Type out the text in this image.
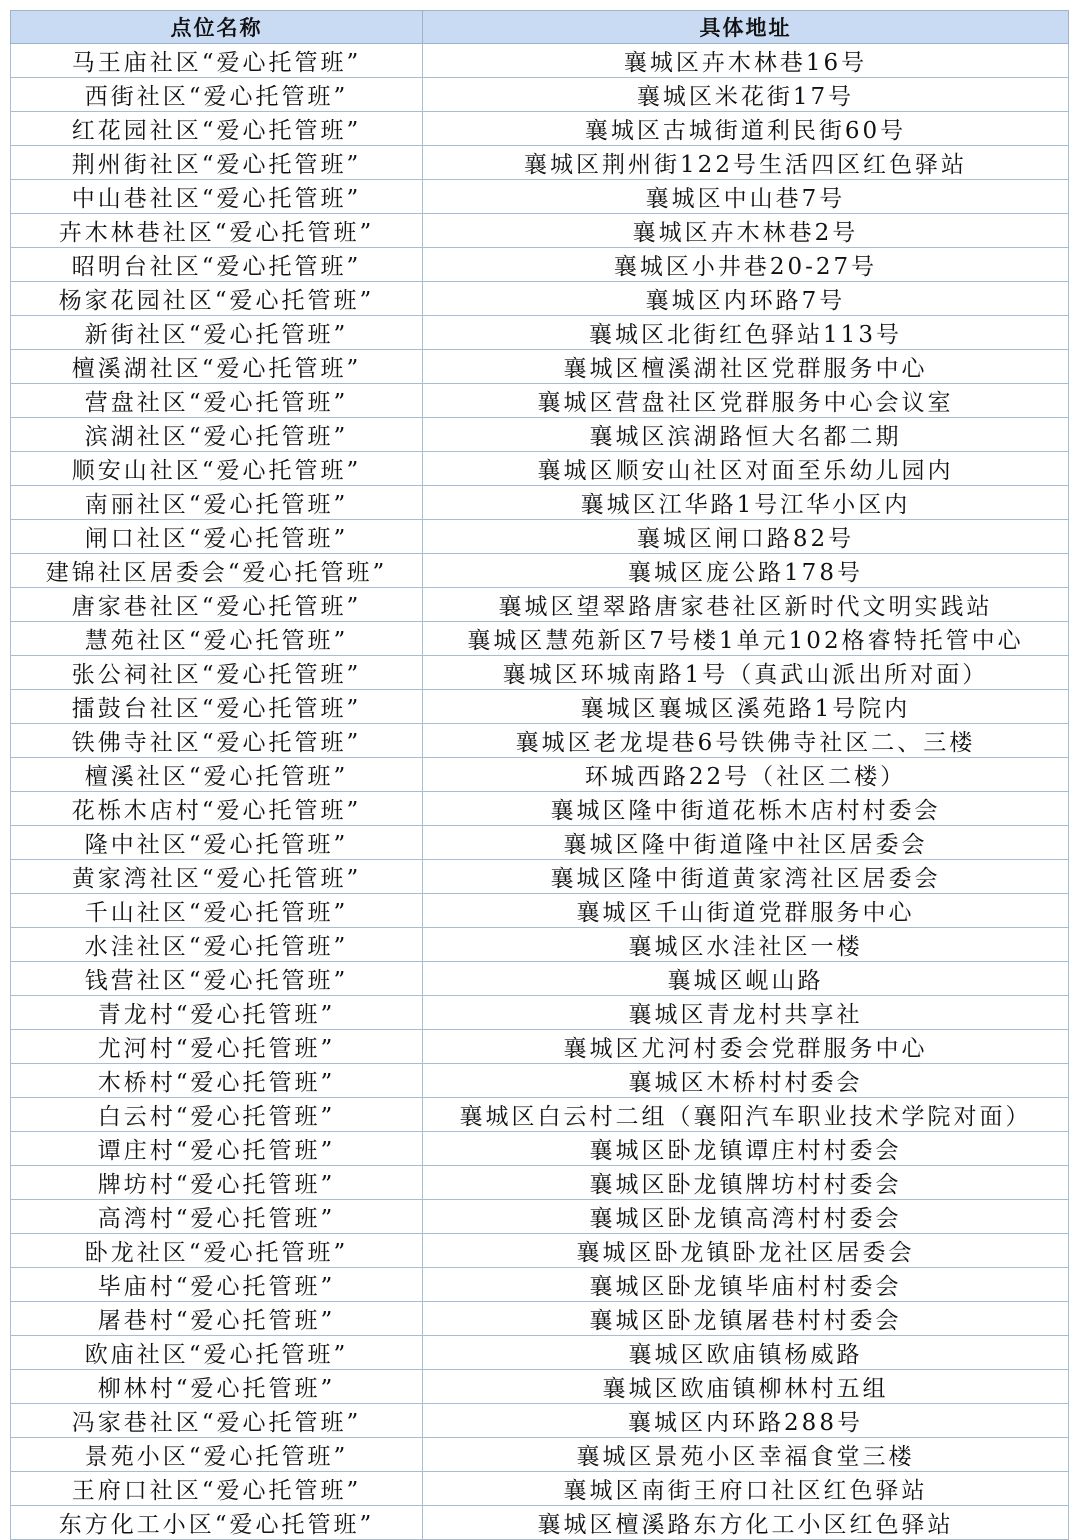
点位名称	具体地址
马王庙社区“爱心托管班”	襄城区卉木林巷16号
西街社区“爱心托管班”	襄城区米花街17号
红花园社区“爱心托管班”	襄城区古城街道利民街60号
荆州街社区“爱心托管班”	襄城区荆州街122号生活四区红色驿站
中山巷社区“爱心托管班”	襄城区中山巷7号
卉木林巷社区“爱心托管班”	襄城区卉木林巷2号
昭明台社区“爱心托管班”	襄城区小井巷20-27号
杨家花园社区“爱心托管班”	襄城区内环路7号
新街社区“爱心托管班”	襄城区北街红色驿站113号
檀溪湖社区“爱心托管班”	襄城区檀溪湖社区党群服务中心
营盘社区“爱心托管班”	襄城区营盘社区党群服务中心会议室
滨湖社区“爱心托管班”	襄城区滨湖路恒大名都二期
顺安山社区“爱心托管班”	襄城区顺安山社区对面至乐幼儿园内
南丽社区“爱心托管班”	襄城区江华路1号江华小区内
闸口社区“爱心托管班”	襄城区闸口路82号
建锦社区居委会“爱心托管班”	襄城区庞公路178号
唐家巷社区“爱心托管班”	襄城区望翠路唐家巷社区新时代文明实践站
慧苑社区“爱心托管班”	襄城区慧苑新区7号楼1单元102格睿特托管中心
张公祠社区“爱心托管班”	襄城区环城南路1号（真武山派出所对面）
擂鼓台社区“爱心托管班”	襄城区襄城区溪苑路1号院内
铁佛寺社区“爱心托管班”	襄城区老龙堤巷6号铁佛寺社区二、三楼
檀溪社区“爱心托管班”	环城西路22号（社区二楼）
花栎木店村“爱心托管班”	襄城区隆中街道花栎木店村村委会
隆中社区“爱心托管班”	襄城区隆中街道隆中社区居委会
黄家湾社区“爱心托管班”	襄城区隆中街道黄家湾社区居委会
千山社区“爱心托管班”	襄城区千山街道党群服务中心
水洼社区“爱心托管班”	襄城区水洼社区一楼
钱营社区“爱心托管班”	襄城区岘山路
青龙村“爱心托管班”	襄城区青龙村共享社
尤河村“爱心托管班”	襄城区尤河村委会党群服务中心
木桥村“爱心托管班”	襄城区木桥村村委会
白云村“爱心托管班”	襄城区白云村二组（襄阳汽车职业技术学院对面）
谭庄村“爱心托管班”	襄城区卧龙镇谭庄村村委会
牌坊村“爱心托管班”	襄城区卧龙镇牌坊村村委会
高湾村“爱心托管班”	襄城区卧龙镇高湾村村委会
卧龙社区“爱心托管班”	襄城区卧龙镇卧龙社区居委会
毕庙村“爱心托管班”	襄城区卧龙镇毕庙村村委会
屠巷村“爱心托管班”	襄城区卧龙镇屠巷村村委会
欧庙社区“爱心托管班”	襄城区欧庙镇杨威路
柳林村“爱心托管班”	襄城区欧庙镇柳林村五组
冯家巷社区“爱心托管班”	襄城区内环路288号
景苑小区“爱心托管班”	襄城区景苑小区幸福食堂三楼
王府口社区“爱心托管班”	襄城区南街王府口社区红色驿站
东方化工小区“爱心托管班”	襄城区檀溪路东方化工小区红色驿站
